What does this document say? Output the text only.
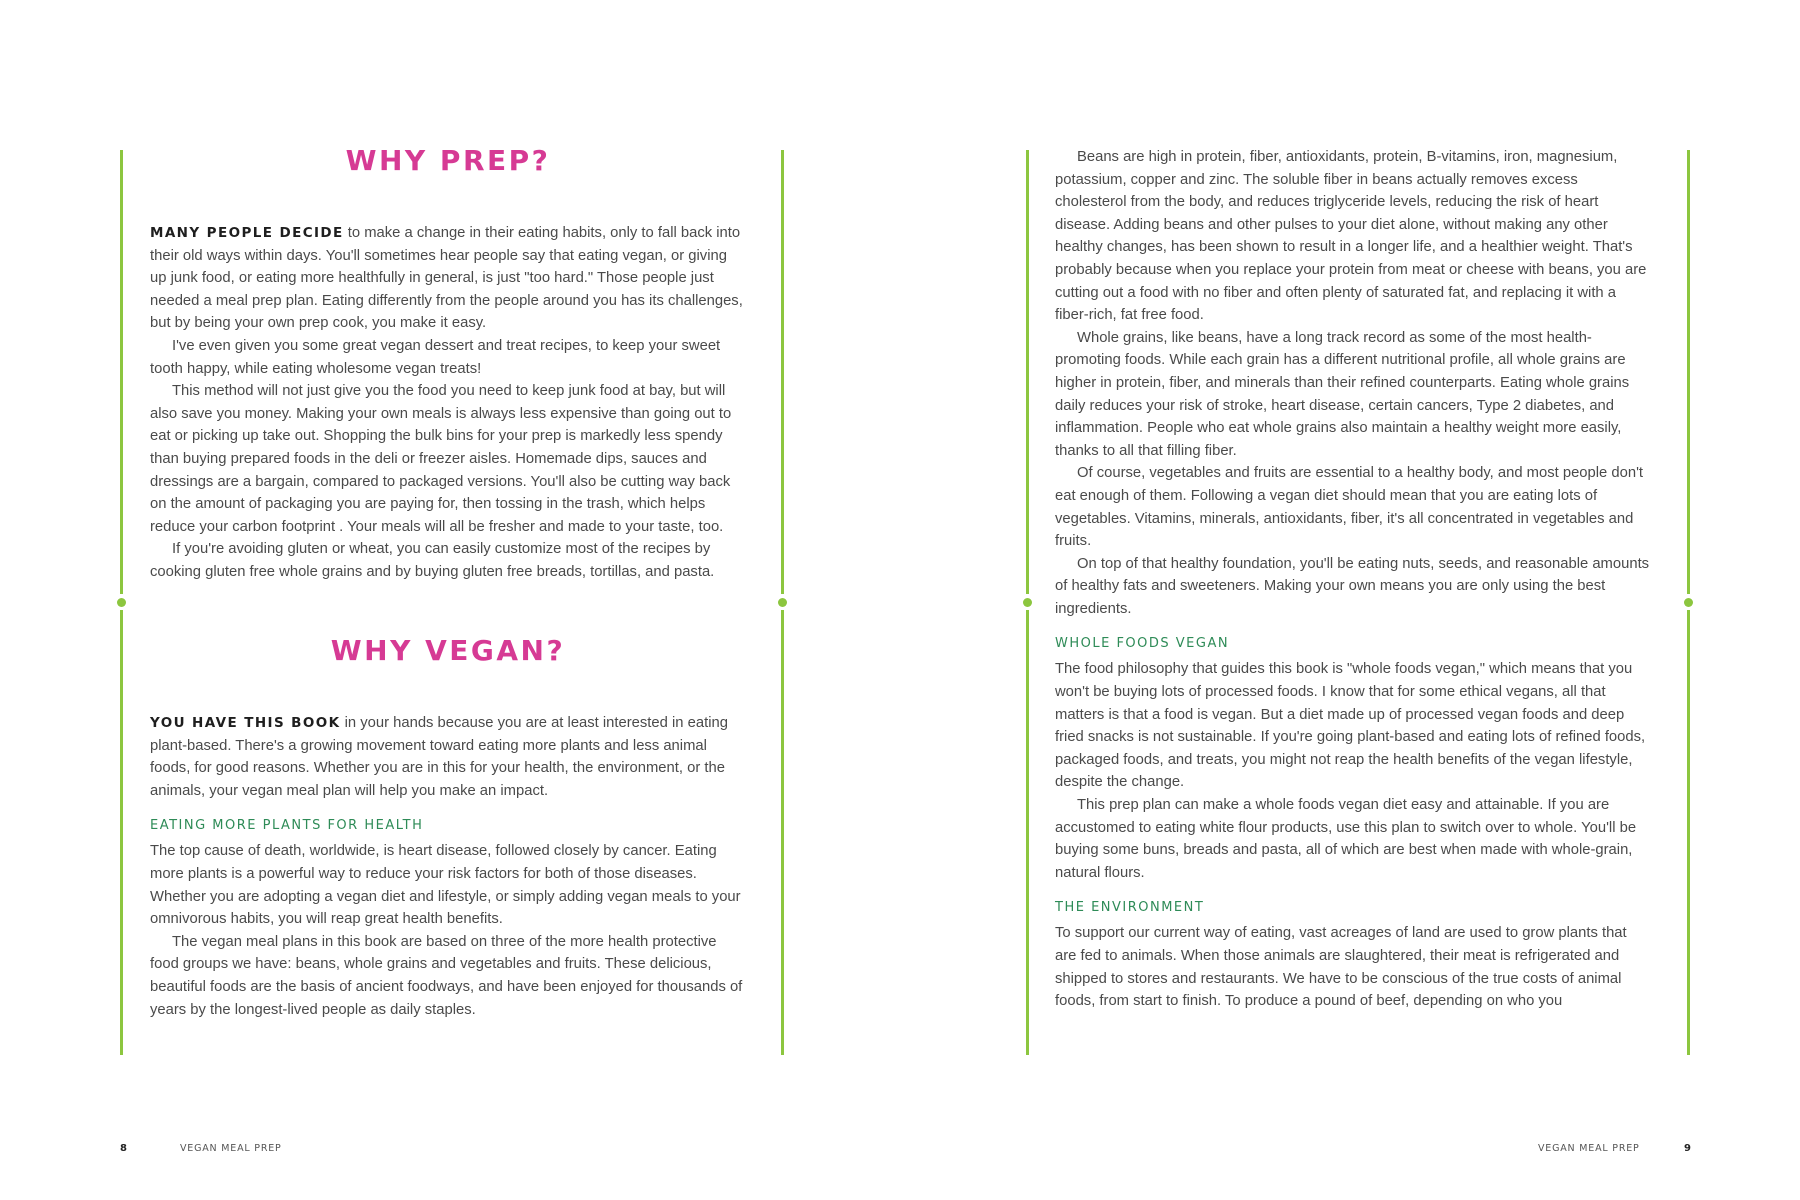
WHY PREP?

MANY PEOPLE DECIDE to make a change in their eating habits, only to fall back into their old ways within days. You'll sometimes hear people say that eating vegan, or giving up junk food, or eating more healthfully in general, is just "too hard." Those people just needed a meal prep plan. Eating differently from the people around you has its challenges, but by being your own prep cook, you make it easy.

I've even given you some great vegan dessert and treat recipes, to keep your sweet tooth happy, while eating wholesome vegan treats!

This method will not just give you the food you need to keep junk food at bay, but will also save you money. Making your own meals is always less expensive than going out to eat or picking up take out. Shopping the bulk bins for your prep is markedly less spendy than buying prepared foods in the deli or freezer aisles. Homemade dips, sauces and dressings are a bargain, compared to packaged versions. You'll also be cutting way back on the amount of packaging you are paying for, then tossing in the trash, which helps reduce your carbon footprint . Your meals will all be fresher and made to your taste, too.

If you're avoiding gluten or wheat, you can easily customize most of the recipes by cooking gluten free whole grains and by buying gluten free breads, tortillas, and pasta.

WHY VEGAN?

YOU HAVE THIS BOOK in your hands because you are at least interested in eating plant-based. There's a growing movement toward eating more plants and less animal foods, for good reasons. Whether you are in this for your health, the environment, or the animals, your vegan meal plan will help you make an impact.

EATING MORE PLANTS FOR HEALTH

The top cause of death, worldwide, is heart disease, followed closely by cancer. Eating more plants is a powerful way to reduce your risk factors for both of those diseases. Whether you are adopting a vegan diet and lifestyle, or simply adding vegan meals to your omnivorous habits, you will reap great health benefits.

The vegan meal plans in this book are based on three of the more health protective food groups we have: beans, whole grains and vegetables and fruits. These delicious, beautiful foods are the basis of ancient foodways, and have been enjoyed for thousands of years by the longest-lived people as daily staples.

8	VEGAN MEAL PREP

Beans are high in protein, fiber, antioxidants, protein, B-vitamins, iron, magnesium, potassium, copper and zinc. The soluble fiber in beans actually removes excess cholesterol from the body, and reduces triglyceride levels, reducing the risk of heart disease. Adding beans and other pulses to your diet alone, without making any other healthy changes, has been shown to result in a longer life, and a healthier weight. That's probably because when you replace your protein from meat or cheese with beans, you are cutting out a food with no fiber and often plenty of saturated fat, and replacing it with a fiber-rich, fat free food.

Whole grains, like beans, have a long track record as some of the most health-promoting foods. While each grain has a different nutritional profile, all whole grains are higher in protein, fiber, and minerals than their refined counterparts. Eating whole grains daily reduces your risk of stroke, heart disease, certain cancers, Type 2 diabetes, and inflammation. People who eat whole grains also maintain a healthy weight more easily, thanks to all that filling fiber.

Of course, vegetables and fruits are essential to a healthy body, and most people don't eat enough of them. Following a vegan diet should mean that you are eating lots of vegetables. Vitamins, minerals, antioxidants, fiber, it's all concentrated in vegetables and fruits.

On top of that healthy foundation, you'll be eating nuts, seeds, and reasonable amounts of healthy fats and sweeteners. Making your own means you are only using the best ingredients.

WHOLE FOODS VEGAN

The food philosophy that guides this book is "whole foods vegan," which means that you won't be buying lots of processed foods. I know that for some ethical vegans, all that matters is that a food is vegan. But a diet made up of processed vegan foods and deep fried snacks is not sustainable. If you're going plant-based and eating lots of refined foods, packaged foods, and treats, you might not reap the health benefits of the vegan lifestyle, despite the change.

This prep plan can make a whole foods vegan diet easy and attainable. If you are accustomed to eating white flour products, use this plan to switch over to whole. You'll be buying some buns, breads and pasta, all of which are best when made with whole-grain, natural flours.

THE ENVIRONMENT

To support our current way of eating, vast acreages of land are used to grow plants that are fed to animals. When those animals are slaughtered, their meat is refrigerated and shipped to stores and restaurants. We have to be conscious of the true costs of animal foods, from start to finish. To produce a pound of beef, depending on who you

VEGAN MEAL PREP	9
